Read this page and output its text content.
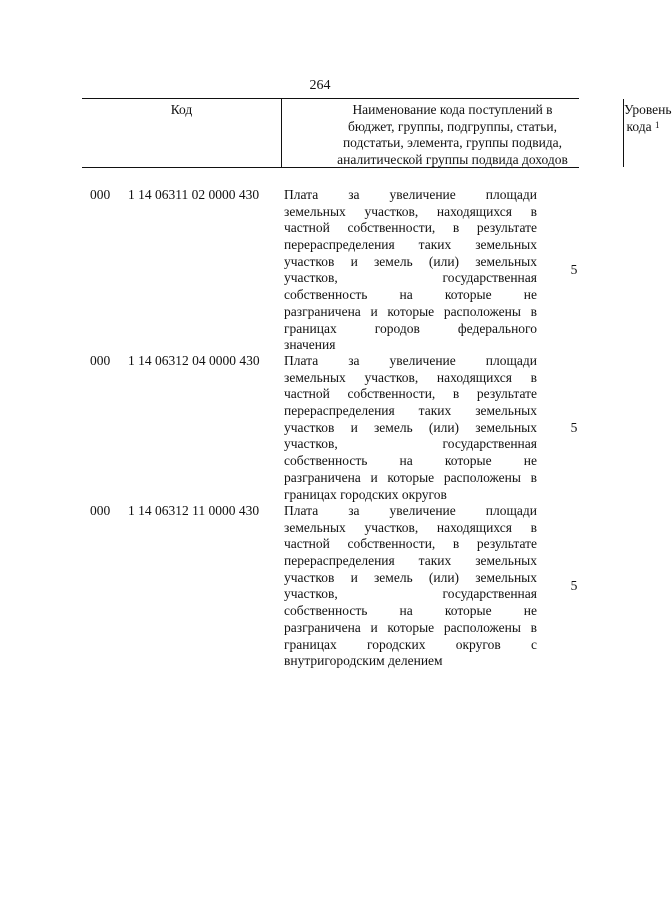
264
Код	Наименование кода поступлений в
бюджет, группы, подгруппы, статьи,
подстатьи, элемента, группы подвида,
аналитической группы подвида доходов
Уровень
кода $^1$
000	1 14 06311 02 0000 430	Плата за увеличение площади
земельных участков, находящихся в
частной собственности, в результате
перераспределения таких земельных
участков и земель (или) земельных
участков, государственная
собственность на которые не
разграничена и которые расположены в
границах городов федерального
значения
5
000	1 14 06312 04 0000 430	Плата за увеличение площади
земельных участков, находящихся в
частной собственности, в результате
перераспределения таких земельных
участков и земель (или) земельных
участков, государственная
собственность на которые не
разграничена и которые расположены в
границах городских округов
5
000	1 14 06312 11 0000 430	Плата за увеличение площади
земельных участков, находящихся в
частной собственности, в результате
перераспределения таких земельных
участков и земель (или) земельных
участков, государственная
собственность на которые не
разграничена и которые расположены в
границах городских округов с
внутригородским делением
5
